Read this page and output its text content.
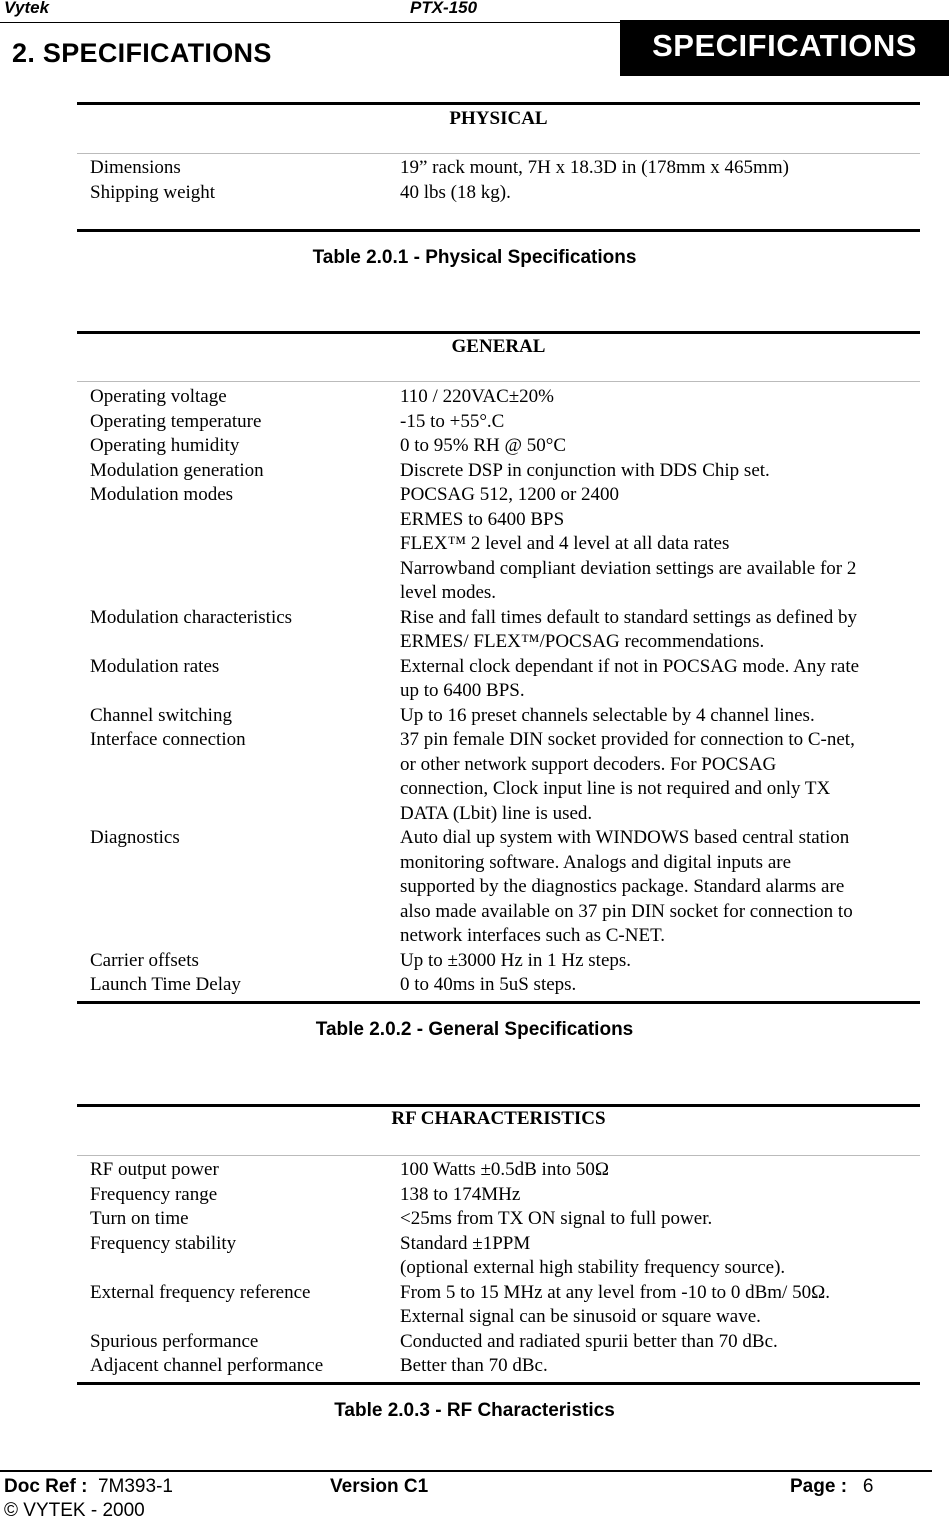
Vytek	PTX-150
2. SPECIFICATIONS	SPECIFICATIONS
PHYSICAL
Dimensions	19” rack mount, 7H x 18.3D in (178mm x 465mm)
Shipping weight	40 lbs (18 kg).
Table 2.0.1 - Physical Specifications
GENERAL
Operating voltage	110 / 220VAC±20%
Operating temperature	-15 to +55°.C
Operating humidity	0 to 95% RH @ 50°C
Modulation generation	Discrete DSP in conjunction with DDS Chip set.
Modulation modes	POCSAG 512, 1200 or 2400
ERMES to 6400 BPS
FLEX™ 2 level and 4 level at all data rates
Narrowband compliant deviation settings are available for 2
level modes.
Modulation characteristics	Rise and fall times default to standard settings as defined by
ERMES/ FLEX™/POCSAG recommendations.
Modulation rates	External clock dependant if not in POCSAG mode. Any rate
up to 6400 BPS.
Channel switching	Up to 16 preset channels selectable by 4 channel lines.
Interface connection	37 pin female DIN socket provided for connection to C-net,
or other network support decoders. For POCSAG
connection, Clock input line is not required and only TX
DATA (Lbit) line is used.
Diagnostics	Auto dial up system with WINDOWS based central station
monitoring software. Analogs and digital inputs are
supported by the diagnostics package. Standard alarms are
also made available on 37 pin DIN socket for connection to
network interfaces such as C-NET.
Carrier offsets	Up to ±3000 Hz in 1 Hz steps.
Launch Time Delay	0 to 40ms in 5uS steps.
Table 2.0.2 - General Specifications
RF CHARACTERISTICS
RF output power	100 Watts ±0.5dB into 50Ω
Frequency range	138 to 174MHz
Turn on time	<25ms from TX ON signal to full power.
Frequency stability	Standard ±1PPM
(optional external high stability frequency source).
External frequency reference	From 5 to 15 MHz at any level from -10 to 0 dBm/ 50Ω.
External signal can be sinusoid or square wave.
Spurious performance	Conducted and radiated spurii better than 70 dBc.
Adjacent channel performance	Better than 70 dBc.
Table 2.0.3 - RF Characteristics
Doc Ref : 7M393-1	Version C1	Page : 6
© VYTEK - 2000
